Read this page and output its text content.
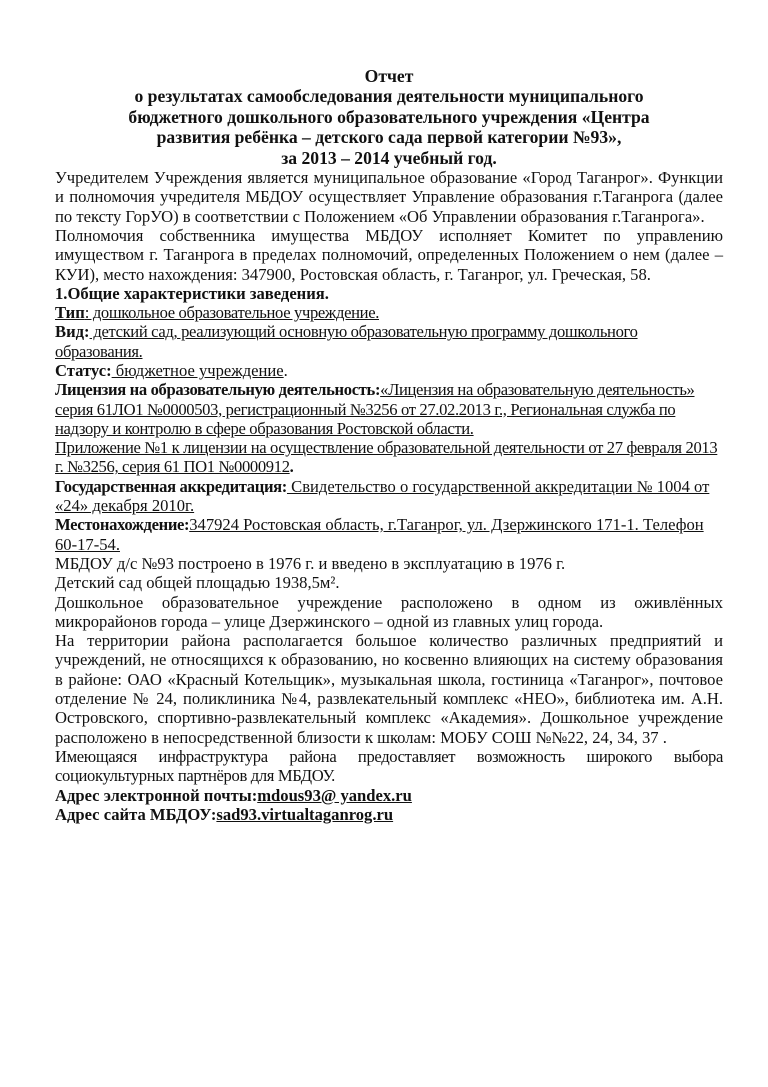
Отчет
о результатах самообследования деятельности муниципального
бюджетного дошкольного образовательного учреждения «Центра
развития ребёнка – детского сада первой категории №93»,
за 2013 – 2014 учебный год.

Учредителем Учреждения является муниципальное образование «Город Таганрог». Функции и полномочия учредителя МБДОУ осуществляет Управление образования г.Таганрога (далее по тексту ГорУО) в соответствии с Положением «Об Управлении образования г.Таганрога».

Полномочия собственника имущества МБДОУ исполняет Комитет по управлению имуществом г. Таганрога в пределах полномочий, определенных Положением о нем (далее – КУИ), место нахождения: 347900, Ростовская область, г. Таганрог, ул. Греческая, 58.

1.Общие характеристики заведения.

Тип: дошкольное образовательное учреждение.

Вид: детский сад, реализующий основную образовательную программу дошкольного образования.

Статус: бюджетное учреждение.

Лицензия на образовательную деятельность:«Лицензия на образовательную деятельность» серия 61ЛО1 №0000503, регистрационный №3256 от 27.02.2013 г., Региональная служба по надзору и контролю в сфере образования Ростовской области.

Приложение №1 к лицензии на осуществление образовательной деятельности от 27 февраля 2013 г. №3256, серия 61 ПО1 №0000912.

Государственная аккредитация: Свидетельство о государственной аккредитации № 1004 от «24» декабря 2010г.

Местонахождение:347924 Ростовская область, г.Таганрог, ул. Дзержинского 171-1. Телефон 60-17-54.

МБДОУ д/с №93 построено в 1976 г. и введено в эксплуатацию в 1976 г.

Детский сад общей площадью 1938,5м².

Дошкольное образовательное учреждение расположено в одном из оживлённых микрорайонов города – улице Дзержинского – одной из главных улиц города.

На территории района располагается большое количество различных предприятий и учреждений, не относящихся к образованию, но косвенно влияющих на систему образования в районе: ОАО «Красный Котельщик», музыкальная школа, гостиница «Таганрог», почтовое отделение № 24, поликлиника №4, развлекательный комплекс «НЕО», библиотека им. А.Н. Островского, спортивно-развлекательный комплекс «Академия». Дошкольное учреждение расположено в непосредственной близости к школам: МОБУ СОШ №№22, 24, 34, 37 .

Имеющаяся инфраструктура района предоставляет возможность широкого выбора социокультурных партнёров для МБДОУ.

Адрес электронной почты:mdous93@ yandex.ru

Адрес сайта МБДОУ:sad93.virtualtaganrog.ru
